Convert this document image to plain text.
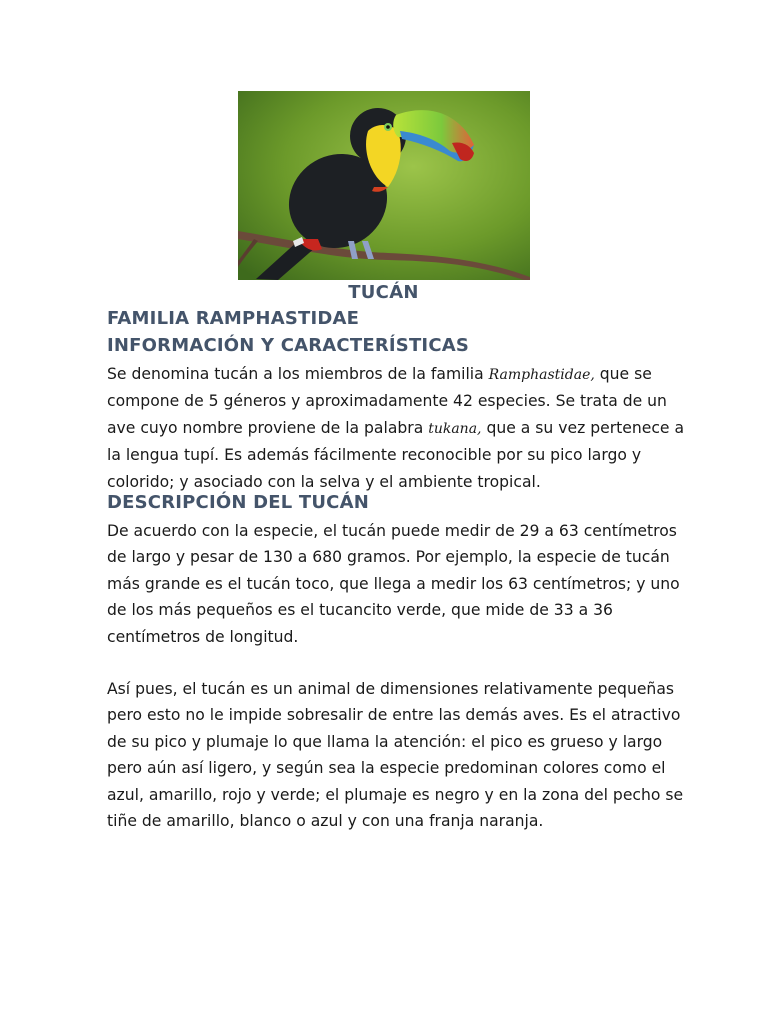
TUCÁN
FAMILIA RAMPHASTIDAE
INFORMACIÓN Y CARACTERÍSTICAS
Se denomina tucán a los miembros de la familia Ramphastidae, que se
compone de 5 géneros y aproximadamente 42 especies. Se trata de un
ave cuyo nombre proviene de la palabra tukana, que a su vez pertenece a
la lengua tupí. Es además fácilmente reconocible por su pico largo y
colorido; y asociado con la selva y el ambiente tropical.
DESCRIPCIÓN DEL TUCÁN
De acuerdo con la especie, el tucán puede medir de 29 a 63 centímetros
de largo y pesar de 130 a 680 gramos. Por ejemplo, la especie de tucán
más grande es el tucán toco, que llega a medir los 63 centímetros; y uno
de los más pequeños es el tucancito verde, que mide de 33 a 36
centímetros de longitud.
Así pues, el tucán es un animal de dimensiones relativamente pequeñas
pero esto no le impide sobresalir de entre las demás aves. Es el atractivo
de su pico y plumaje lo que llama la atención: el pico es grueso y largo
pero aún así ligero, y según sea la especie predominan colores como el
azul, amarillo, rojo y verde; el plumaje es negro y en la zona del pecho se
tiñe de amarillo, blanco o azul y con una franja naranja.
